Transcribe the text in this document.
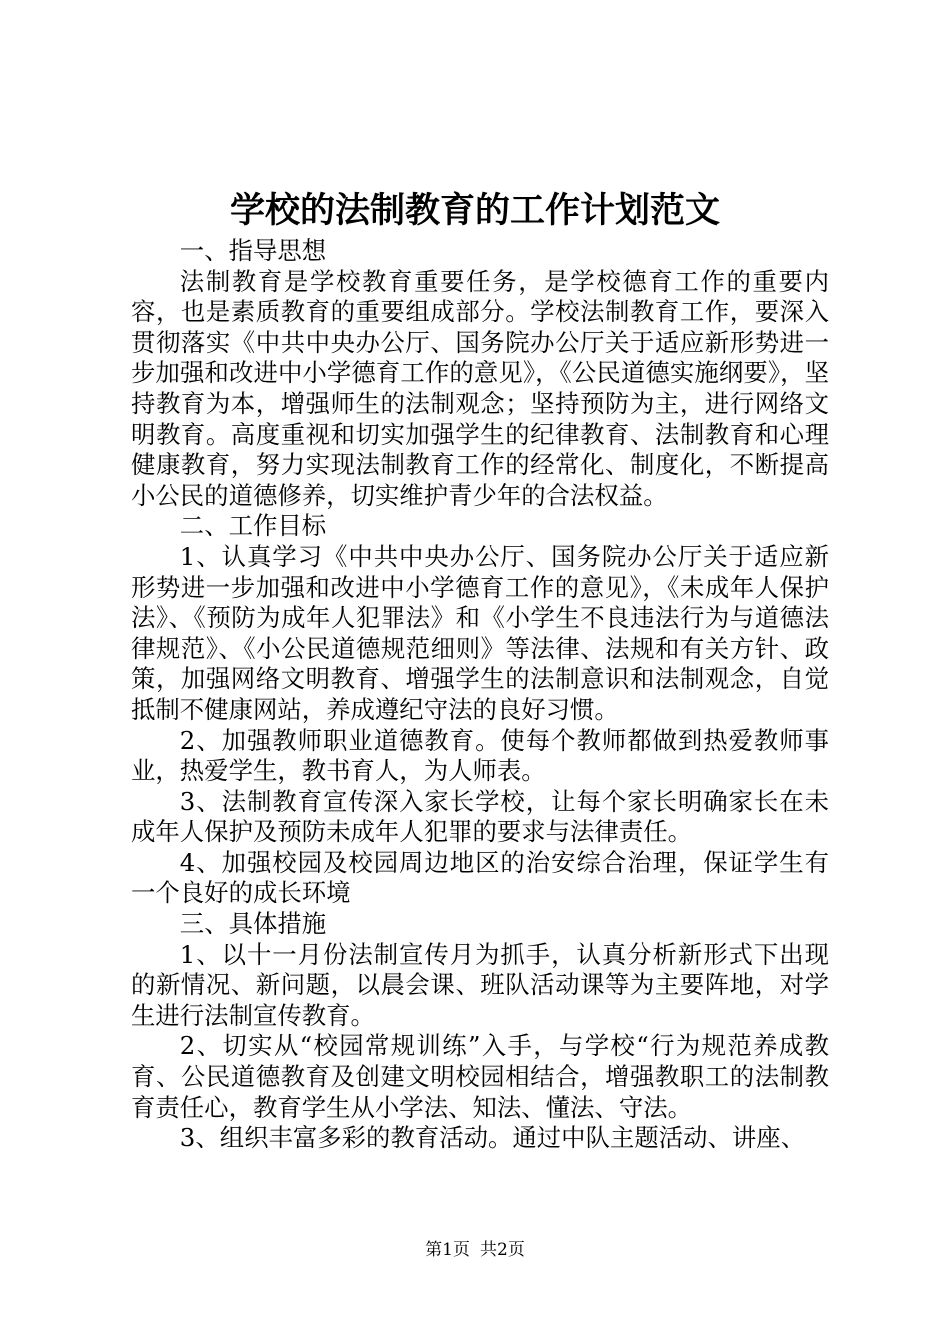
学校的法制教育的工作计划范文

一、指导思想

法制教育是学校教育重要任务，是学校德育工作的重要内容，也是素质教育的重要组成部分。学校法制教育工作，要深入贯彻落实《中共中央办公厅、国务院办公厅关于适应新形势进一步加强和改进中小学德育工作的意见》，《公民道德实施纲要》，坚持教育为本，增强师生的法制观念；坚持预防为主，进行网络文明教育。高度重视和切实加强学生的纪律教育、法制教育和心理健康教育，努力实现法制教育工作的经常化、制度化，不断提高小公民的道德修养，切实维护青少年的合法权益。

二、工作目标

1、认真学习《中共中央办公厅、国务院办公厅关于适应新形势进一步加强和改进中小学德育工作的意见》，《未成年人保护法》、《预防为成年人犯罪法》和《小学生不良违法行为与道德法律规范》、《小公民道德规范细则》等法律、法规和有关方针、政策，加强网络文明教育、增强学生的法制意识和法制观念，自觉抵制不健康网站，养成遵纪守法的良好习惯。

2、加强教师职业道德教育。使每个教师都做到热爱教师事业，热爱学生，教书育人，为人师表。

3、法制教育宣传深入家长学校，让每个家长明确家长在未成年人保护及预防未成年人犯罪的要求与法律责任。

4、加强校园及校园周边地区的治安综合治理，保证学生有一个良好的成长环境

三、具体措施

1、以十一月份法制宣传月为抓手，认真分析新形式下出现的新情况、新问题，以晨会课、班队活动课等为主要阵地，对学生进行法制宣传教育。

2、切实从“校园常规训练”入手，与学校“行为规范养成教育、公民道德教育及创建文明校园相结合，增强教职工的法制教育责任心，教育学生从小学法、知法、懂法、守法。

3、组织丰富多彩的教育活动。通过中队主题活动、讲座、

第1页 共2页
